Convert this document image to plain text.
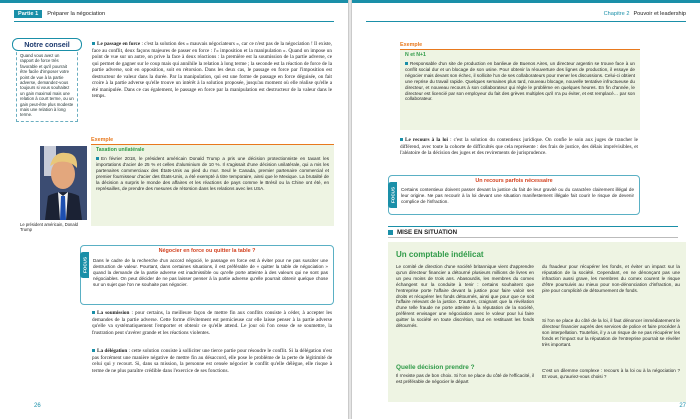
Partie 1	Préparer la négociation
Notre conseil
Quand vous avez un rapport de force très favorable et qu'il pourrait être facile d'imposer votre point de vue à la partie adverse, demandez-vous toujours si vous souhaitez un gain maximal mais une relation à court terme, ou un gain peut-être plus modeste mais une relation à long terme.

Le passage en force : c'est la solution des « mauvais négociateurs », car ce n'est pas de la négociation ! Il existe, face au conflit, deux façons majeures de passer en force : l'« imposition et la manipulation ». Quand on impose un point de vue sur un autre, on prive la face à deux réactions : la première est la soumission de la partie adverse, ce qui permet de gagner sur le coup mais qui annihile la relation à long terme ; la seconde est la réaction de force de la partie adverse, soit en opposition, soit en rétorsion. Dans les deux cas, le passage en force par l'imposition est destructeur de valeur dans la durée. Par la manipulation, qui est une forme de passage en force déguisée, on fait croire à la partie adverse qu'elle trouve un intérêt à la solution proposée, jusqu'au moment où elle réalise qu'elle a été manipulée. Dans ce cas également, le passage en force par la manipulation est destructeur de la valeur dans le temps.

Exemple
Taxation unilatérale

En février 2018, le président américain Donald Trump a pris une décision protectionniste en taxant les importations d'acier de 25 % et celles d'aluminium de 10 %. Il s'agissait d'une décision unilatérale, qui a mis les partenaires commerciaux des États-Unis au pied du mur. Seul le Canada, premier partenaire commercial et premier fournisseur d'acier des États-Unis, a été exempté à titre temporaire, ainsi que le Mexique. La brutalité de la décision a surpris le monde des affaires et les réactions de pays comme le Brésil ou la Chine ont été, en représailles, de prendre des mesures de rétorsion dans les relations avec les USA.

Le président américain, Donald Trump
FOCUS
Négocier en force ou quitter la table ?

Dans le cadre de la recherche d'un accord négocié, le passage en force est à éviter pour ne pas susciter une destruction de valeur. Pourtant, dans certaines situations, il est préférable de « quitter la table de négociation » quand la demande de la partie adverse est inadmissible ou qu'elle porte atteinte à des valeurs qui ne sont pas négociables. On peut décider de ne pas laisser penser à la partie adverse qu'elle pourrait obtenir quelque chose sur un sujet que l'on ne souhaite pas négocier.

La soumission : pour certains, la meilleure façon de mettre fin aux conflits consiste à céder, à accepter les demandes de la partie adverse. Cette forme d'évitement est pernicieuse car elle laisse penser à la partie adverse qu'elle va systématiquement l'emporter et obtenir ce qu'elle attend. Le jour où l'on cesse de se soumettre, la frustration peut s'avérer grande et les réactions violentes.

La délégation : cette solution consiste à solliciter une tierce partie pour résoudre le conflit. Si la délégation n'est pas forcément une manière négative de mettre fin au désaccord, elle pose le problème de la perte de légitimité de celui qui y recourt. Si, dans sa mission, la personne est censée négocier le conflit qu'elle délègue, elle risque à terme de ne plus paraître crédible dans l'exercice de ses fonctions.

26
Chapitre 2 Pouvoir et leadership
Exemple
N et N+1

Responsable d'un site de production en banlieue de Buenos Aires, un directeur argentin se trouve face à un conflit social dur et un blocage de son usine. Pour obtenir la réouverture des lignes de production, il essaye de négocier mais devant son échec, il sollicite l'un de ses collaborateurs pour mener les discussions. Celui-ci obtient une reprise du travail rapide. Quelques semaines plus tard, nouveau blocage, nouvelle tentative infructueuse du directeur, et nouveau recours à son collaborateur qui règle le problème en quelques heures. En fin d'année, le directeur est licencié par son employeur du fait des grèves multiples qu'il n'a pu éviter, et est remplacé… par son collaborateur.

Le recours à la loi : c'est la solution du contentieux juridique. On confie le soin aux juges de trancher le différend, avec toute la cohorte de difficultés que cela représente : des frais de justice, des délais imprévisibles, et l'aléatoire de la décision des juges et des revirements de jurisprudence.

FOCUS
Un recours parfois nécessaire

Certains contentieux doivent passer devant la justice du fait de leur gravité ou du caractère clairement illégal de leur origine. Ne pas recourir à la loi devant une situation manifestement illégale fait courir le risque de devenir complice de l'infraction.

MISE EN SITUATION
Un comptable indélicat

Le comité de direction d'une société britannique vient d'apprendre qu'un directeur financier a détourné plusieurs millions de livres en un peu moins de trois ans. Abasourdis, les membres du comex échangent sur la conduite à tenir : certains souhaitent que l'entreprise porte l'affaire devant la justice pour faire valoir ses droits et récupérer les fonds détournés, ainsi que pour que ce soit l'affaire relevant de la justice. D'autres, craignant que la révélation d'une telle fraude ne porte atteinte à la réputation de la société, préfèrent envisager une négociation avec le voleur pour lui faire quitter la société en toute discrétion, tout en restituant les fonds détournés.

Quelle décision prendre ?

Il n'existe pas de bon choix. Si l'on ne place du côté de l'efficacité, il est préférable de négocier le départ

du fraudeur pour récupérer les fonds, et éviter un impact sur la réputation de la société. Cependant, en ne dénonçant pas une infraction aussi grave, les membres du comex courent le risque d'être poursuivis au mieux pour non-dénonciation d'infraction, au pire pour complicité de détournement de fonds.

Si l'on se place du côté de la loi, il faut dénoncer immédiatement le directeur financier auprès des services de police et faire procéder à son interpellation. Toutefois, il y a un risque de ne pas récupérer les fonds et l'impact sur la réputation de l'entreprise pourrait se révéler très important.

C'est un dilemme complexe : recours à la loi ou à la négociation ? Et vous, qu'auriez-vous choisi ?

27
